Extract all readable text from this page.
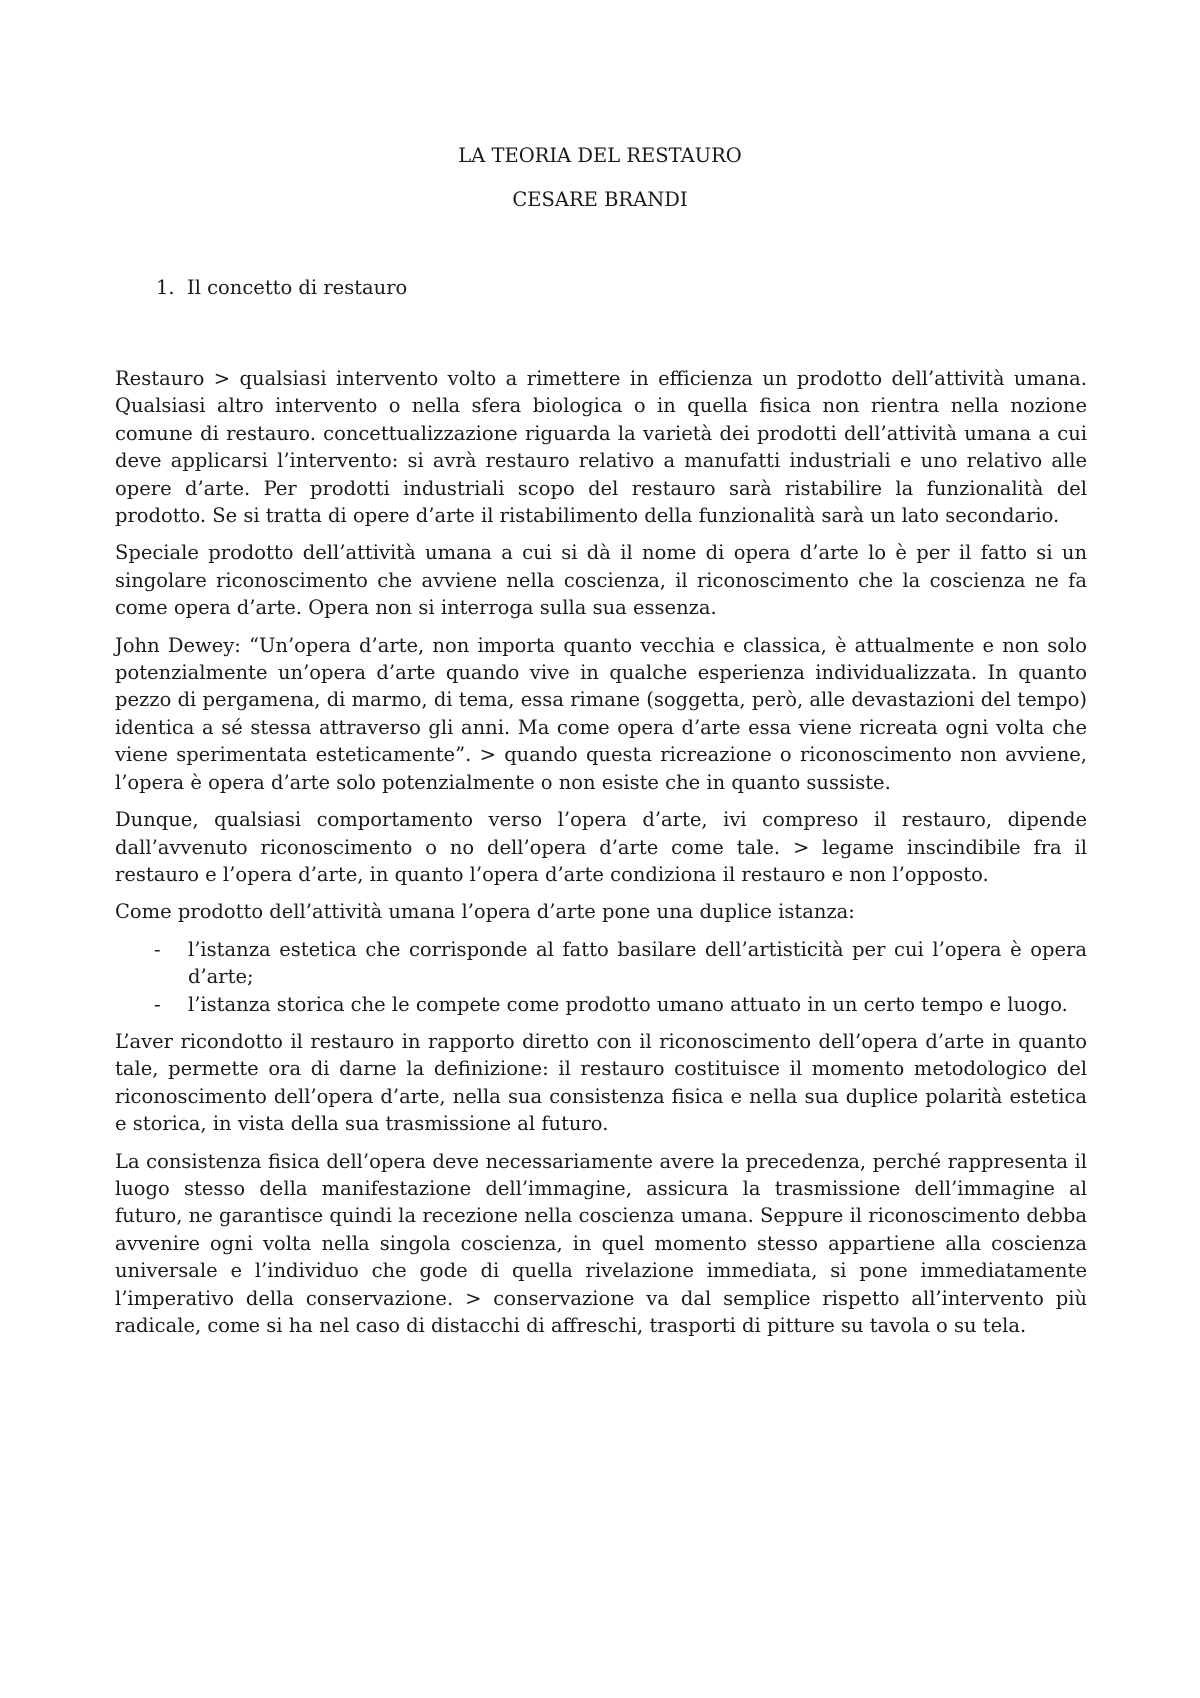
LA TEORIA DEL RESTAURO
CESARE BRANDI
1. Il concetto di restauro

Restauro > qualsiasi intervento volto a rimettere in efficienza un prodotto dell’attività umana. Qualsiasi altro intervento o nella sfera biologica o in quella fisica non rientra nella nozione comune di restauro. concettualizzazione riguarda la varietà dei prodotti dell’attività umana a cui deve applicarsi l’intervento: si avrà restauro relativo a manufatti industriali e uno relativo alle opere d’arte. Per prodotti industriali scopo del restauro sarà ristabilire la funzionalità del prodotto. Se si tratta di opere d’arte il ristabilimento della funzionalità sarà un lato secondario.

Speciale prodotto dell’attività umana a cui si dà il nome di opera d’arte lo è per il fatto si un singolare riconoscimento che avviene nella coscienza, il riconoscimento che la coscienza ne fa come opera d’arte. Opera non si interroga sulla sua essenza.

John Dewey: “Un’opera d’arte, non importa quanto vecchia e classica, è attualmente e non solo potenzialmente un’opera d’arte quando vive in qualche esperienza individualizzata. In quanto pezzo di pergamena, di marmo, di tema, essa rimane (soggetta, però, alle devastazioni del tempo) identica a sé stessa attraverso gli anni. Ma come opera d’arte essa viene ricreata ogni volta che viene sperimentata esteticamente”. > quando questa ricreazione o riconoscimento non avviene, l’opera è opera d’arte solo potenzialmente o non esiste che in quanto sussiste.

Dunque, qualsiasi comportamento verso l’opera d’arte, ivi compreso il restauro, dipende dall’avvenuto riconoscimento o no dell’opera d’arte come tale. > legame inscindibile fra il restauro e l’opera d’arte, in quanto l’opera d’arte condiziona il restauro e non l’opposto.

Come prodotto dell’attività umana l’opera d’arte pone una duplice istanza:

- l’istanza estetica che corrisponde al fatto basilare dell’artisticità per cui l’opera è opera d’arte;
- l’istanza storica che le compete come prodotto umano attuato in un certo tempo e luogo.

L’aver ricondotto il restauro in rapporto diretto con il riconoscimento dell’opera d’arte in quanto tale, permette ora di darne la definizione: il restauro costituisce il momento metodologico del riconoscimento dell’opera d’arte, nella sua consistenza fisica e nella sua duplice polarità estetica e storica, in vista della sua trasmissione al futuro.

La consistenza fisica dell’opera deve necessariamente avere la precedenza, perché rappresenta il luogo stesso della manifestazione dell’immagine, assicura la trasmissione dell’immagine al futuro, ne garantisce quindi la recezione nella coscienza umana. Seppure il riconoscimento debba avvenire ogni volta nella singola coscienza, in quel momento stesso appartiene alla coscienza universale e l’individuo che gode di quella rivelazione immediata, si pone immediatamente l’imperativo della conservazione. > conservazione va dal semplice rispetto all’intervento più radicale, come si ha nel caso di distacchi di affreschi, trasporti di pitture su tavola o su tela.
